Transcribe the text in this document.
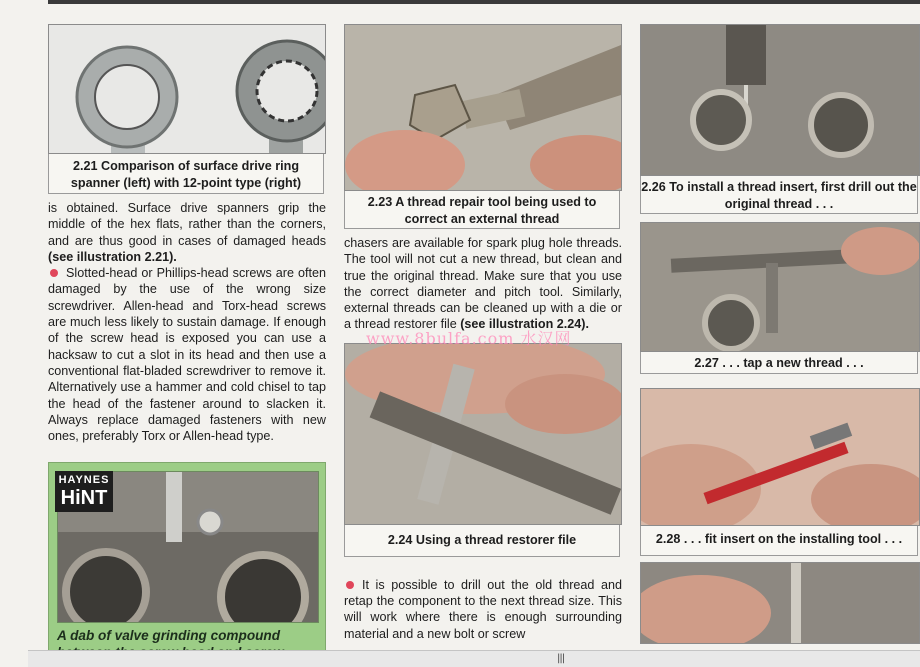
2.21 Comparison of surface drive ring spanner (left) with 12-point type (right)

is obtained. Surface drive spanners grip the middle of the hex flats, rather than the corners, and are thus good in cases of damaged heads (see illustration 2.21).

Slotted-head or Phillips-head screws are often damaged by the use of the wrong size screwdriver. Allen-head and Torx-head screws are much less likely to sustain damage. If enough of the screw head is exposed you can use a hacksaw to cut a slot in its head and then use a conventional flat-bladed screwdriver to remove it. Alternatively use a hammer and cold chisel to tap the head of the fastener around to slacken it. Always replace damaged fasteners with new ones, preferably Torx or Allen-head type.

HAYNES
HiNT
A dab of valve grinding compound
2.23 A thread repair tool being used to correct an external thread

chasers are available for spark plug hole threads. The tool will not cut a new thread, but clean and true the original thread. Make sure that you use the correct diameter and pitch tool. Similarly, external threads can be cleaned up with a die or a thread restorer file (see illustration 2.24).

2.24 Using a thread restorer file

It is possible to drill out the old thread and retap the component to the next thread size. This will work where there is enough surrounding material and a new bolt or screw

www.8bulfa.com 水汉网
2.26 To install a thread insert, first drill out the original thread . . .
2.27 . . . tap a new thread . . .
2.28 . . . fit insert on the installing tool . . .
|||
